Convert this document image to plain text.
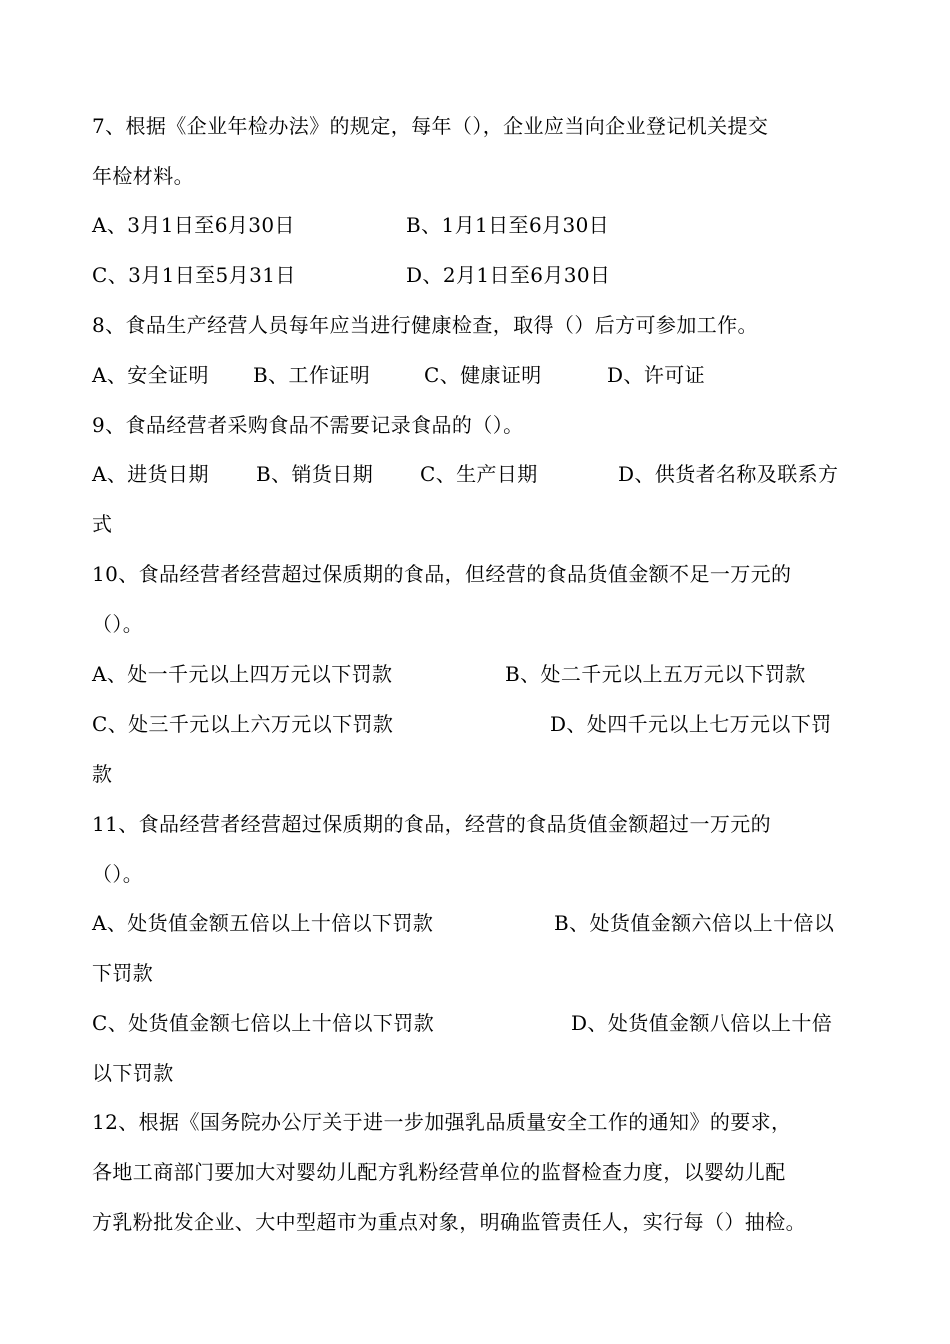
7、根据《企业年检办法》的规定，每年（），企业应当向企业登记机关提交
年检材料。
A、3月1日至6月30日	B、1月1日至6月30日
C、3月1日至5月31日	D、2月1日至6月30日
8、食品生产经营人员每年应当进行健康检查，取得（）后方可参加工作。
A、安全证明 B、工作证明	C、健康证明	D、许可证
9、食品经营者采购食品不需要记录食品的（）。
A、进货日期 B、销货日期 C、生产日期	D、供货者名称及联系方
式
10、食品经营者经营超过保质期的食品，但经营的食品货值金额不足一万元的
（）。
A、处一千元以上四万元以下罚款	B、处二千元以上五万元以下罚款
C、处三千元以上六万元以下罚款	D、处四千元以上七万元以下罚
款
11、食品经营者经营超过保质期的食品，经营的食品货值金额超过一万元的
（）。
A、处货值金额五倍以上十倍以下罚款	B、处货值金额六倍以上十倍以
下罚款
C、处货值金额七倍以上十倍以下罚款	D、处货值金额八倍以上十倍
以下罚款
12、根据《国务院办公厅关于进一步加强乳品质量安全工作的通知》的要求，
各地工商部门要加大对婴幼儿配方乳粉经营单位的监督检查力度，以婴幼儿配
方乳粉批发企业、大中型超市为重点对象，明确监管责任人，实行每（）抽检。
